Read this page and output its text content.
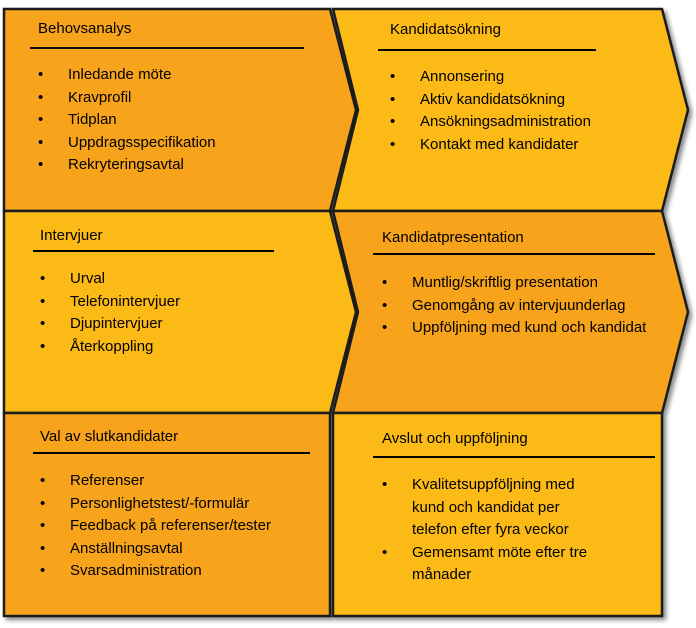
Behovsanalys
• Inledande möte
• Kravprofil
• Tidplan
• Uppdragsspecifikation
• Rekryteringsavtal
Kandidatsökning
• Annonsering
• Aktiv kandidatsökning
• Ansökningsadministration
• Kontakt med kandidater
Intervjuer
• Urval
• Telefonintervjuer
• Djupintervjuer
• Återkoppling
Kandidatpresentation
• Muntlig/skriftlig presentation
• Genomgång av intervjuunderlag
• Uppföljning med kund och kandidat
Val av slutkandidater
• Referenser
• Personlighetstest/-formulär
• Feedback på referenser/tester
• Anställningsavtal
• Svarsadministration
Avslut och uppföljning
• Kvalitetsuppföljning med kund och kandidat per telefon efter fyra veckor
• Gemensamt möte efter tre månader
